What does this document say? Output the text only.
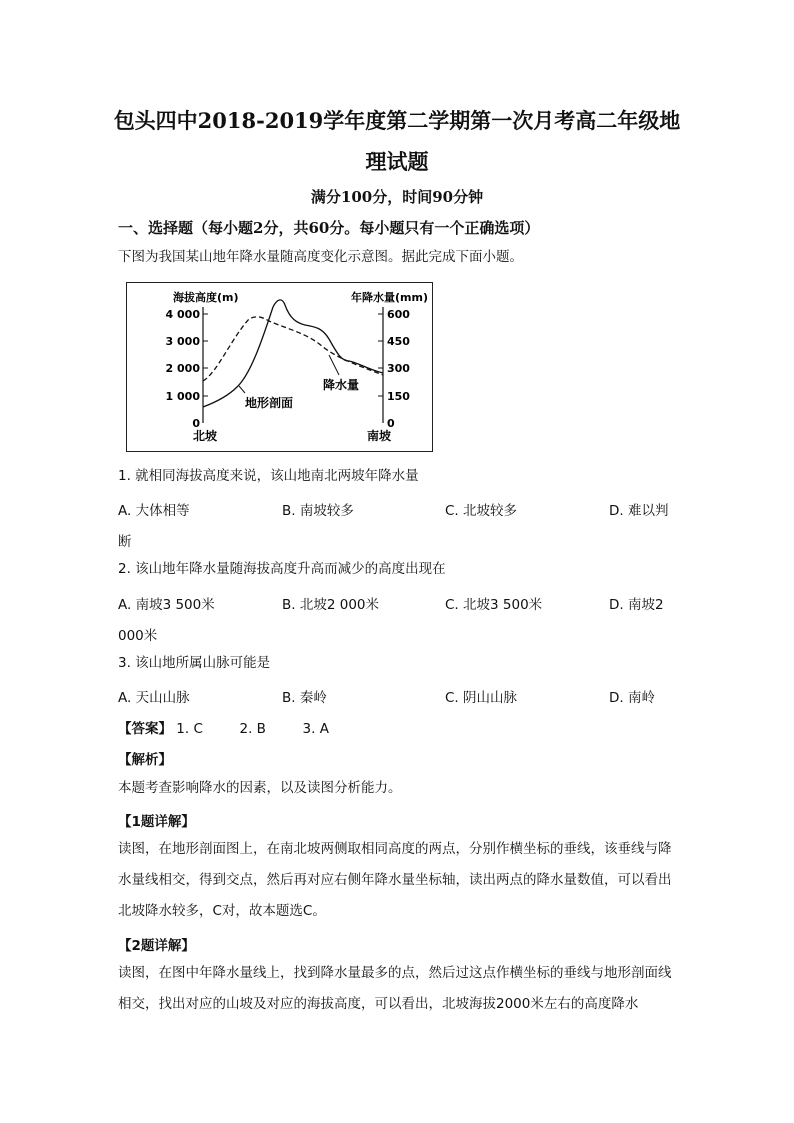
包头四中2018-2019学年度第二学期第一次月考高二年级地
理试题
满分100分，时间90分钟
一、选择题（每小题2分，共60分。每小题只有一个正确选项）
下图为我国某山地年降水量随高度变化示意图。据此完成下面小题。
海拔高度(m)	年降水量(mm)
4 000
3 000
2 000
1 000
0
600
450
300
150
0
地形剖面
降水量
北坡	南坡
1. 就相同海拔高度来说，该山地南北两坡年降水量
A. 大体相等	B. 南坡较多	C. 北坡较多	D. 难以判
断
2. 该山地年降水量随海拔高度升高而减少的高度出现在
A. 南坡3 500米	B. 北坡2 000米	C. 北坡3 500米	D. 南坡2
000米
3. 该山地所属山脉可能是
A. 天山山脉	B. 秦岭	C. 阴山山脉	D. 南岭
【答案】 1. C	2. B	3. A
【解析】
本题考查影响降水的因素，以及读图分析能力。
【1题详解】
读图，在地形剖面图上，在南北坡两侧取相同高度的两点，分别作横坐标的垂线，该垂线与降水量线相交，得到交点，然后再对应右侧年降水量坐标轴，读出两点的降水量数值，可以看出北坡降水较多，C对，故本题选C。
【2题详解】
读图，在图中年降水量线上，找到降水量最多的点，然后过这点作横坐标的垂线与地形剖面线相交，找出对应的山坡及对应的海拔高度，可以看出，北坡海拔2000米左右的高度降水
